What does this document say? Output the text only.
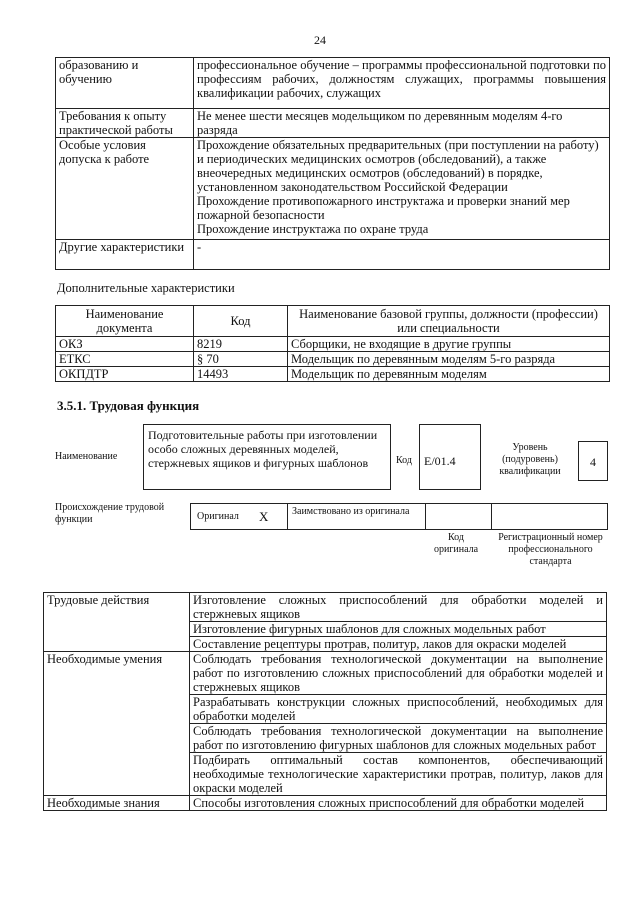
24
образованию и обучению	профессиональное обучение – программы профессиональной подготовки по профессиям рабочих, должностям служащих, программы повышения квалификации рабочих, служащих
Требования к опыту практической работы	Не менее шести месяцев модельщиком по деревянным моделям 4-го разряда
Особые условия допуска к работе	Прохождение обязательных предварительных (при поступлении на работу) и периодических медицинских осмотров (обследований), а также внеочередных медицинских осмотров (обследований) в порядке, установленном законодательством Российской Федерации
Прохождение противопожарного инструктажа и проверки знаний мер пожарной безопасности
Прохождение инструктажа по охране труда

Другие характеристики	-
Дополнительные характеристики
Наименование документа	Код	Наименование базовой группы, должности (профессии) или специальности
ОКЗ	8219	Сборщики, не входящие в другие группы
ЕТКС	§ 70	Модельщик по деревянным моделям 5-го разряда
ОКПДТР	14493	Модельщик по деревянным моделям
3.5.1. Трудовая функция
Наименование
Подготовительные работы при изготовлении особо сложных деревянных моделей, стержневых ящиков и фигурных шаблонов	Код	E/01.4
Уровень (подуровень) квалификации
4
Происхождение трудовой функции	Оригинал X Заимствовано из оригинала
Код оригинала
Регистрационный номер профессионального стандарта
Трудовые действия	Изготовление сложных приспособлений для обработки моделей и стержневых ящиков
	Изготовление фигурных шаблонов для сложных модельных работ
	Составление рецептуры протрав, политур, лаков для окраски моделей
Необходимые умения	Соблюдать требования технологической документации на выполнение работ по изготовлению сложных приспособлений для обработки моделей и стержневых ящиков
	Разрабатывать конструкции сложных приспособлений, необходимых для обработки моделей
	Соблюдать требования технологической документации на выполнение работ по изготовлению фигурных шаблонов для сложных модельных работ
	Подбирать оптимальный состав компонентов, обеспечивающий необходимые технологические характеристики протрав, политур, лаков для окраски моделей
Необходимые знания	Способы изготовления сложных приспособлений для обработки моделей
